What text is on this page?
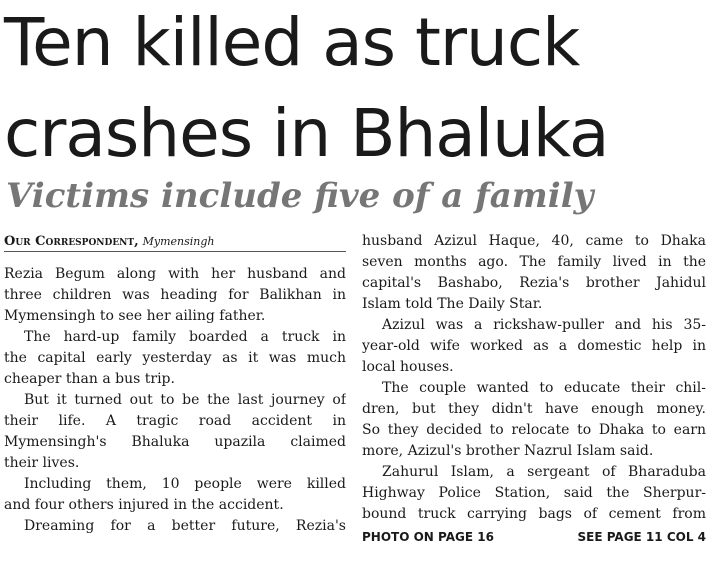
Ten killed as truck
crashes in Bhaluka
Victims include five of a family
Our Correspondent, Mymensingh
Rezia Begum along with her husband and
three children was heading for Balikhan in
Mymensingh to see her ailing father.
The hard-up family boarded a truck in
the capital early yesterday as it was much
cheaper than a bus trip.
But it turned out to be the last journey of
their life. A tragic road accident in
Mymensingh's Bhaluka upazila claimed
their lives.
Including them, 10 people were killed
and four others injured in the accident.
Dreaming for a better future, Rezia's
husband Azizul Haque, 40, came to Dhaka
seven months ago. The family lived in the
capital's Bashabo, Rezia's brother Jahidul
Islam told The Daily Star.
Azizul was a rickshaw-puller and his 35-
year-old wife worked as a domestic help in
local houses.
The couple wanted to educate their chil-
dren, but they didn't have enough money.
So they decided to relocate to Dhaka to earn
more, Azizul's brother Nazrul Islam said.
Zahurul Islam, a sergeant of Bharaduba
Highway Police Station, said the Sherpur-
bound truck carrying bags of cement from
PHOTO ON PAGE 16	SEE PAGE 11 COL 4
